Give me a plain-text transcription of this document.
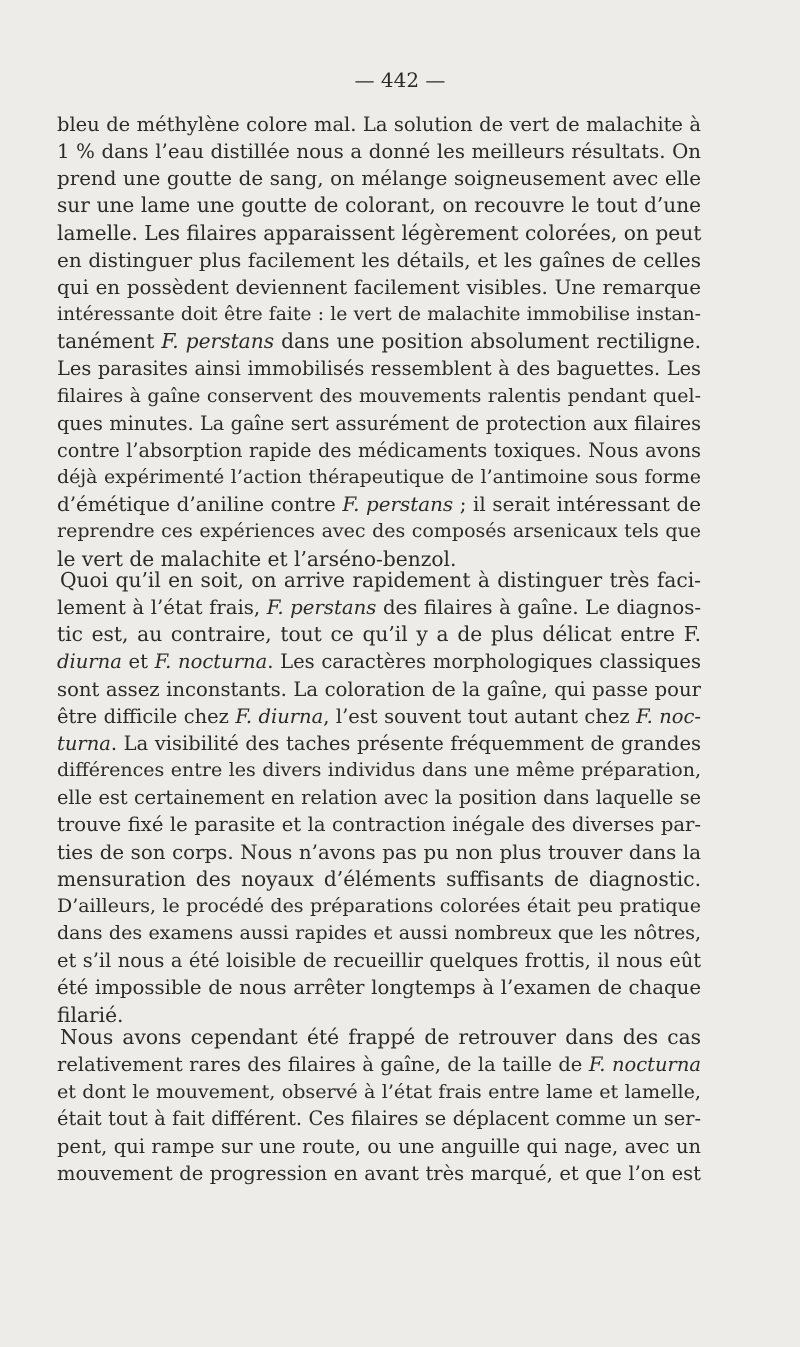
— 442 —
bleu de méthylène colore mal. La solution de vert de malachite à
1 % dans l’eau distillée nous a donné les meilleurs résultats. On
prend une goutte de sang, on mélange soigneusement avec elle
sur une lame une goutte de colorant, on recouvre le tout d’une
lamelle. Les filaires apparaissent légèrement colorées, on peut
en distinguer plus facilement les détails, et les gaînes de celles
qui en possèdent deviennent facilement visibles. Une remarque
intéressante doit être faite : le vert de malachite immobilise instan-
tanément F. perstans dans une position absolument rectiligne.
Les parasites ainsi immobilisés ressemblent à des baguettes. Les
filaires à gaîne conservent des mouvements ralentis pendant quel-
ques minutes. La gaîne sert assurément de protection aux filaires
contre l’absorption rapide des médicaments toxiques. Nous avons
déjà expérimenté l’action thérapeutique de l’antimoine sous forme
d’émétique d’aniline contre F. perstans ; il serait intéressant de
reprendre ces expériences avec des composés arsenicaux tels que
le vert de malachite et l’arséno-benzol.
Quoi qu’il en soit, on arrive rapidement à distinguer très faci-
lement à l’état frais, F. perstans des filaires à gaîne. Le diagnos-
tic est, au contraire, tout ce qu’il y a de plus délicat entre F.
diurna et F. nocturna. Les caractères morphologiques classiques
sont assez inconstants. La coloration de la gaîne, qui passe pour
être difficile chez F. diurna, l’est souvent tout autant chez F. noc-
turna. La visibilité des taches présente fréquemment de grandes
différences entre les divers individus dans une même préparation,
elle est certainement en relation avec la position dans laquelle se
trouve fixé le parasite et la contraction inégale des diverses par-
ties de son corps. Nous n’avons pas pu non plus trouver dans la
mensuration des noyaux d’éléments suffisants de diagnostic.
D’ailleurs, le procédé des préparations colorées était peu pratique
dans des examens aussi rapides et aussi nombreux que les nôtres,
et s’il nous a été loisible de recueillir quelques frottis, il nous eût
été impossible de nous arrêter longtemps à l’examen de chaque
filarié.
Nous avons cependant été frappé de retrouver dans des cas
relativement rares des filaires à gaîne, de la taille de F. nocturna
et dont le mouvement, observé à l’état frais entre lame et lamelle,
était tout à fait différent. Ces filaires se déplacent comme un ser-
pent, qui rampe sur une route, ou une anguille qui nage, avec un
mouvement de progression en avant très marqué, et que l’on est
